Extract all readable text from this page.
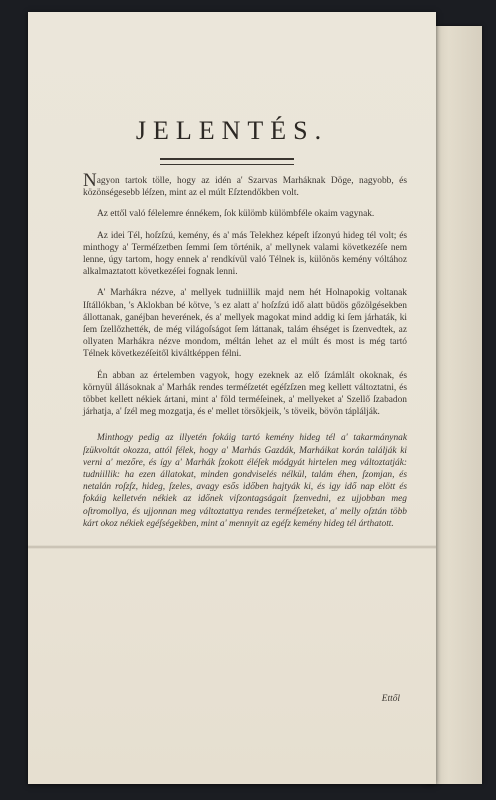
JELENTÉS.

Nagyon tartok tölle, hogy az idén a' Szarvas Marháknak Döge, nagyobb, és közönségesebb léſzen, mint az el múlt Eſztendőkben volt.

Az ettől való félelemre énnékem, ſok külömb külömbféle okaim vagynak.

Az idei Tél, hoſzſzú, kemény, és a' más Telekhez képeſt iſzonyú hideg tél volt; és minthogy a' Terméſzetben ſemmi ſem történik, a' mellynek valami következéſe nem lenne, úgy tartom, hogy ennek a' rendkívül való Télnek is, különös kemény vóltához alkalmaztatott következéſei fognak lenni.

A' Marhákra nézve, a' mellyek tudniillik majd nem hét Holnapokig voltanak Iſtállókban, 's Aklokban bé kötve, 's ez alatt a' hoſzſzú idő alatt büdös gőzölgésekben állottanak, ganéjban heverének, és a' mellyek magokat mind addig ki ſem járhaták, ki ſem ſzellőzhették, de még világoſságot ſem láttanak, talám éhséget is ſzenvedtek, az ollyaten Marhákra nézve mondom, méltán lehet az el múlt és most is még tartó Télnek következéſeitől kiváltképpen félni.

Én abban az értelemben vagyok, hogy ezeknek az elő ſzámlált okoknak, és környül állásoknak a' Marhák rendes terméſzetét egéſzſzen meg kellett változtatni, és többet kellett nékiek ártani, mint a' föld terméſeinek, a' mellyeket a' Szellő ſzabadon járhatja, a' ſzél meg mozgatja, és e' mellet törsökjeik, 's töveik, bövön táplálják.

Minthogy pedig az illyetén fokáig tartó kemény hideg tél a' takarmánynak ſzükvoltát okozza, attól félek, hogy a' Marhás Gazdák, Marháikat korán találják ki verni a' mezőre, és így a' Marhák ſzokott éléſek módgyát hirtelen meg változtatják: tudniillik: ha ezen állatokat, minden gondviselés nélkül, talám éhen, ſzomjan, és netalán roſzſz, hideg, ſzeles, avagy esős időben hajtyák ki, és igy idő nap elött és fokáig kelletvén nékiek az időnek viſzontagságait ſzenvedni, ez ujjobban meg oſtromollya, és ujjonnan meg változtattya rendes terméſzeteket, a' melly oſztán több kárt okoz nékiek egéſségekben, mint a' mennyit az egéſz kemény hideg tél árthatott.

Ettől
